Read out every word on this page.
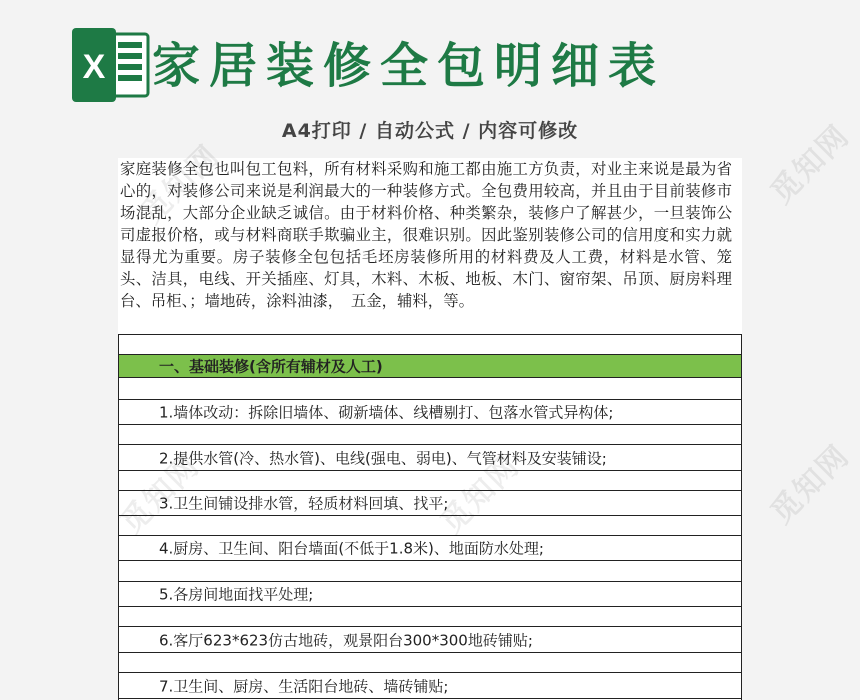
X 家居装修全包明细表
A4打印 / 自动公式 / 内容可修改
家庭装修全包也叫包工包料，所有材料采购和施工都由施工方负责，对业主来说是最为省心的，对装修公司来说是利润最大的一种装修方式。全包费用较高，并且由于目前装修市场混乱，大部分企业缺乏诚信。由于材料价格、种类繁杂，装修户了解甚少，一旦装饰公司虚报价格，或与材料商联手欺骗业主，很难识别。因此鉴别装修公司的信用度和实力就显得尤为重要。房子装修全包包括毛坯房装修所用的材料费及人工费，材料是水管、笼头、洁具，电线、开关插座、灯具，木料、木板、地板、木门、窗帘架、吊顶、厨房料理台、吊柜、；墙地砖，涂料油漆，　五金，辅料，等。
一、基础装修(含所有辅材及人工)
1.墙体改动：拆除旧墙体、砌新墙体、线槽剔打、包落水管式异构体;
2.提供水管(冷、热水管)、电线(强电、弱电)、气管材料及安装铺设;
3.卫生间铺设排水管，轻质材料回填、找平;
4.厨房、卫生间、阳台墙面(不低于1.8米)、地面防水处理;
5.各房间地面找平处理;
6.客厅623*623仿古地砖，观景阳台300*300地砖铺贴;
7.卫生间、厨房、生活阳台地砖、墙砖铺贴;
觅知网
觅知网
